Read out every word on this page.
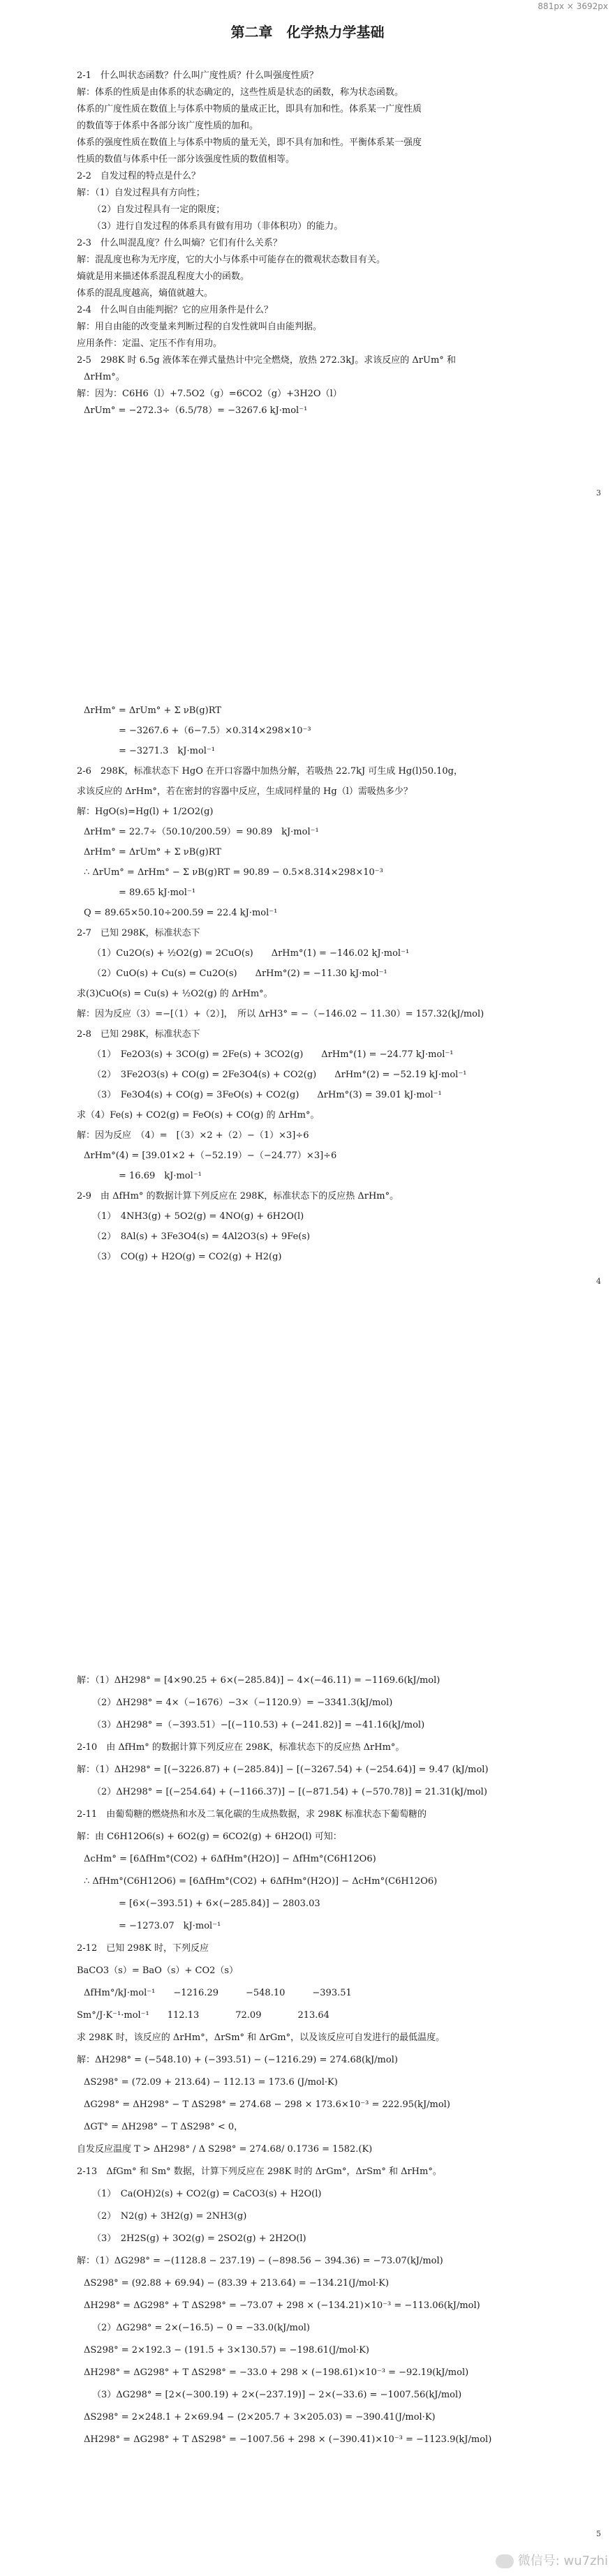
881px × 3692px
第二章　化学热力学基础
2-1　什么叫状态函数？什么叫广度性质？什么叫强度性质？
解：体系的性质是由体系的状态确定的，这些性质是状态的函数，称为状态函数。
体系的广度性质在数值上与体系中物质的量成正比，即具有加和性。体系某一广度性质
的数值等于体系中各部分该广度性质的加和。
体系的强度性质在数值上与体系中物质的量无关，即不具有加和性。平衡体系某一强度
性质的数值与体系中任一部分该强度性质的数值相等。
2-2　自发过程的特点是什么？
解：（1）自发过程具有方向性；
（2）自发过程具有一定的限度；
（3）进行自发过程的体系具有做有用功（非体积功）的能力。
2-3　什么叫混乱度？什么叫熵？它们有什么关系？
解：混乱度也称为无序度，它的大小与体系中可能存在的微观状态数目有关。
熵就是用来描述体系混乱程度大小的函数。
体系的混乱度越高，熵值就越大。
2-4　什么叫自由能判据？它的应用条件是什么？
解：用自由能的改变量来判断过程的自发性就叫自由能判据。
应用条件：定温、定压不作有用功。
2-5　298K 时 6.5g 液体苯在弹式量热计中完全燃烧，放热 272.3kJ。求该反应的 ΔrUm° 和
ΔrHm°。
解：因为：C6H6（l）+7.5O2（g）=6CO2（g）+3H2O（l）
ΔrUm° = −272.3÷（6.5/78）= −3267.6 kJ·mol⁻¹
3
ΔrHm° = ΔrUm° + Σ νB(g)RT
= −3267.6 +（6−7.5）×0.314×298×10⁻³
= −3271.3　kJ·mol⁻¹
2-6　298K，标准状态下 HgO 在开口容器中加热分解，若吸热 22.7kJ 可生成 Hg(l)50.10g，
求该反应的 ΔrHm°，若在密封的容器中反应，生成同样量的 Hg（l）需吸热多少？
解：HgO(s)=Hg(l) + 1/2O2(g)
ΔrHm° = 22.7÷（50.10/200.59）= 90.89　kJ·mol⁻¹
ΔrHm° = ΔrUm° + Σ νB(g)RT
∴ ΔrUm° = ΔrHm° − Σ νB(g)RT = 90.89 − 0.5×8.314×298×10⁻³
= 89.65 kJ·mol⁻¹
Q = 89.65×50.10÷200.59 = 22.4 kJ·mol⁻¹
2-7　已知 298K，标准状态下
（1）Cu2O(s) + ½O2(g) = 2CuO(s)　　ΔrHm°(1) = −146.02 kJ·mol⁻¹
（2）CuO(s) + Cu(s) = Cu2O(s)　　ΔrHm°(2) = −11.30 kJ·mol⁻¹
求(3)CuO(s) = Cu(s) + ½O2(g) 的 ΔrHm°。
解：因为反应（3）=−[（1）+（2）]，　所以 ΔrH3° = −（−146.02 − 11.30）= 157.32(kJ/mol)
2-8　已知 298K，标准状态下
（1）　Fe2O3(s) + 3CO(g) = 2Fe(s) + 3CO2(g)　　ΔrHm°(1) = −24.77 kJ·mol⁻¹
（2）　3Fe2O3(s) + CO(g) = 2Fe3O4(s) + CO2(g)　　ΔrHm°(2) = −52.19 kJ·mol⁻¹
（3）　Fe3O4(s) + CO(g) = 3FeO(s) + CO2(g)　　ΔrHm°(3) = 39.01 kJ·mol⁻¹
求（4）Fe(s) + CO2(g) = FeO(s) + CO(g) 的 ΔrHm°。
解：因为反应　（4）=　[（3）×2 +（2）−（1）×3]÷6
ΔrHm°(4) = [39.01×2 +（−52.19）−（−24.77）×3]÷6
= 16.69　kJ·mol⁻¹
2-9　由 ΔfHm° 的数据计算下列反应在 298K，标准状态下的反应热 ΔrHm°。
（1）　4NH3(g) + 5O2(g) = 4NO(g) + 6H2O(l)
（2）　8Al(s) + 3Fe3O4(s) = 4Al2O3(s) + 9Fe(s)
（3）　CO(g) + H2O(g) = CO2(g) + H2(g)
4
解：（1）ΔH298° = [4×90.25 + 6×(−285.84)] − 4×(−46.11) = −1169.6(kJ/mol)
（2）ΔH298° = 4×（−1676）−3×（−1120.9）= −3341.3(kJ/mol)
（3）ΔH298° =（−393.51）−[(−110.53) + (−241.82)] = −41.16(kJ/mol)
2-10　由 ΔfHm° 的数据计算下列反应在 298K，标准状态下的反应热 ΔrHm°。
解：（1）ΔH298° = [(−3226.87) + (−285.84)] − [(−3267.54) + (−254.64)] = 9.47 (kJ/mol)
（2）ΔH298° = [(−254.64) + (−1166.37)] − [(−871.54) + (−570.78)] = 21.31(kJ/mol)
2-11　由葡萄糖的燃烧热和水及二氧化碳的生成热数据，求 298K 标准状态下葡萄糖的
解：由 C6H12O6(s) + 6O2(g) = 6CO2(g) + 6H2O(l) 可知：
ΔcHm° = [6ΔfHm°(CO2) + 6ΔfHm°(H2O)] − ΔfHm°(C6H12O6)
∴ ΔfHm°(C6H12O6) = [6ΔfHm°(CO2) + 6ΔfHm°(H2O)] − ΔcHm°(C6H12O6)
= [6×(−393.51) + 6×(−285.84)] − 2803.03
= −1273.07　kJ·mol⁻¹
2-12　已知 298K 时，下列反应
BaCO3（s）= BaO（s）+ CO2（s）
ΔfHm°/kJ·mol⁻¹　　−1216.29　　　−548.10　　　−393.51
Sm°/J·K⁻¹·mol⁻¹　　112.13　　　　72.09　　　　213.64
求 298K 时，该反应的 ΔrHm°，ΔrSm° 和 ΔrGm°，以及该反应可自发进行的最低温度。
解：ΔH298° = (−548.10) + (−393.51) − (−1216.29) = 274.68(kJ/mol)
ΔS298° = (72.09 + 213.64) − 112.13 = 173.6 (J/mol·K)
ΔG298° = ΔH298° − T ΔS298° = 274.68 − 298 × 173.6×10⁻³ = 222.95(kJ/mol)
ΔGT° = ΔH298° − T ΔS298° < 0，
自发反应温度 T > ΔH298° / Δ S298° = 274.68/ 0.1736 = 1582.(K)
2-13　ΔfGm° 和 Sm° 数据，计算下列反应在 298K 时的 ΔrGm°，ΔrSm° 和 ΔrHm°。
（1）　Ca(OH)2(s) + CO2(g) = CaCO3(s) + H2O(l)
（2）　N2(g) + 3H2(g) = 2NH3(g)
（3）　2H2S(g) + 3O2(g) = 2SO2(g) + 2H2O(l)
解：（1）ΔG298° = −(1128.8 − 237.19) − (−898.56 − 394.36) = −73.07(kJ/mol)
ΔS298° = (92.88 + 69.94) − (83.39 + 213.64) = −134.21(J/mol·K)
ΔH298° = ΔG298° + T ΔS298° = −73.07 + 298 × (−134.21)×10⁻³ = −113.06(kJ/mol)
（2）ΔG298° = 2×(−16.5) − 0 = −33.0(kJ/mol)
ΔS298° = 2×192.3 − (191.5 + 3×130.57) = −198.61(J/mol·K)
ΔH298° = ΔG298° + T ΔS298° = −33.0 + 298 × (−198.61)×10⁻³ = −92.19(kJ/mol)
（3）ΔG298° = [2×(−300.19) + 2×(−237.19)] − 2×(−33.6) = −1007.56(kJ/mol)
ΔS298° = 2×248.1 + 2×69.94 − (2×205.7 + 3×205.03) = −390.41(J/mol·K)
ΔH298° = ΔG298° + T ΔS298° = −1007.56 + 298 × (−390.41)×10⁻³ = −1123.9(kJ/mol)
5
微信号: wu7zhi
